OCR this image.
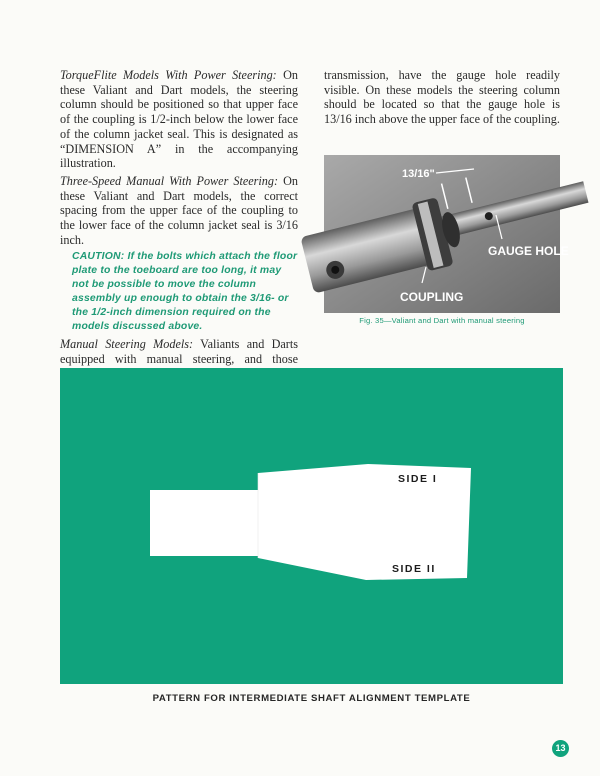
TorqueFlite Models With Power Steering: On these Valiant and Dart models, the steering column should be positioned so that upper face of the coupling is 1/2-inch below the lower face of the column jacket seal. This is designated as “DIMENSION A” in the accompanying illustration.

Three-Speed Manual With Power Steering: On these Valiant and Dart models, the correct spacing from the upper face of the coupling to the lower face of the column jacket seal is 3/16 inch.

CAUTION: If the bolts which attach the floor plate to the toeboard are too long, it may not be possible to move the column assembly up enough to obtain the 3/16- or the 1/2-inch dimension required on the models discussed above.

Manual Steering Models: Valiants and Darts equipped with manual steering, and those

transmission, have the gauge hole readily visible. On these models the steering column should be located so that the gauge hole is 13/16 inch above the upper face of the coupling.

13/16"
GAUGE HOLE
COUPLING
Fig. 35—Valiant and Dart with manual steering
SIDE I
SIDE II
PATTERN FOR INTERMEDIATE SHAFT ALIGNMENT TEMPLATE
13
